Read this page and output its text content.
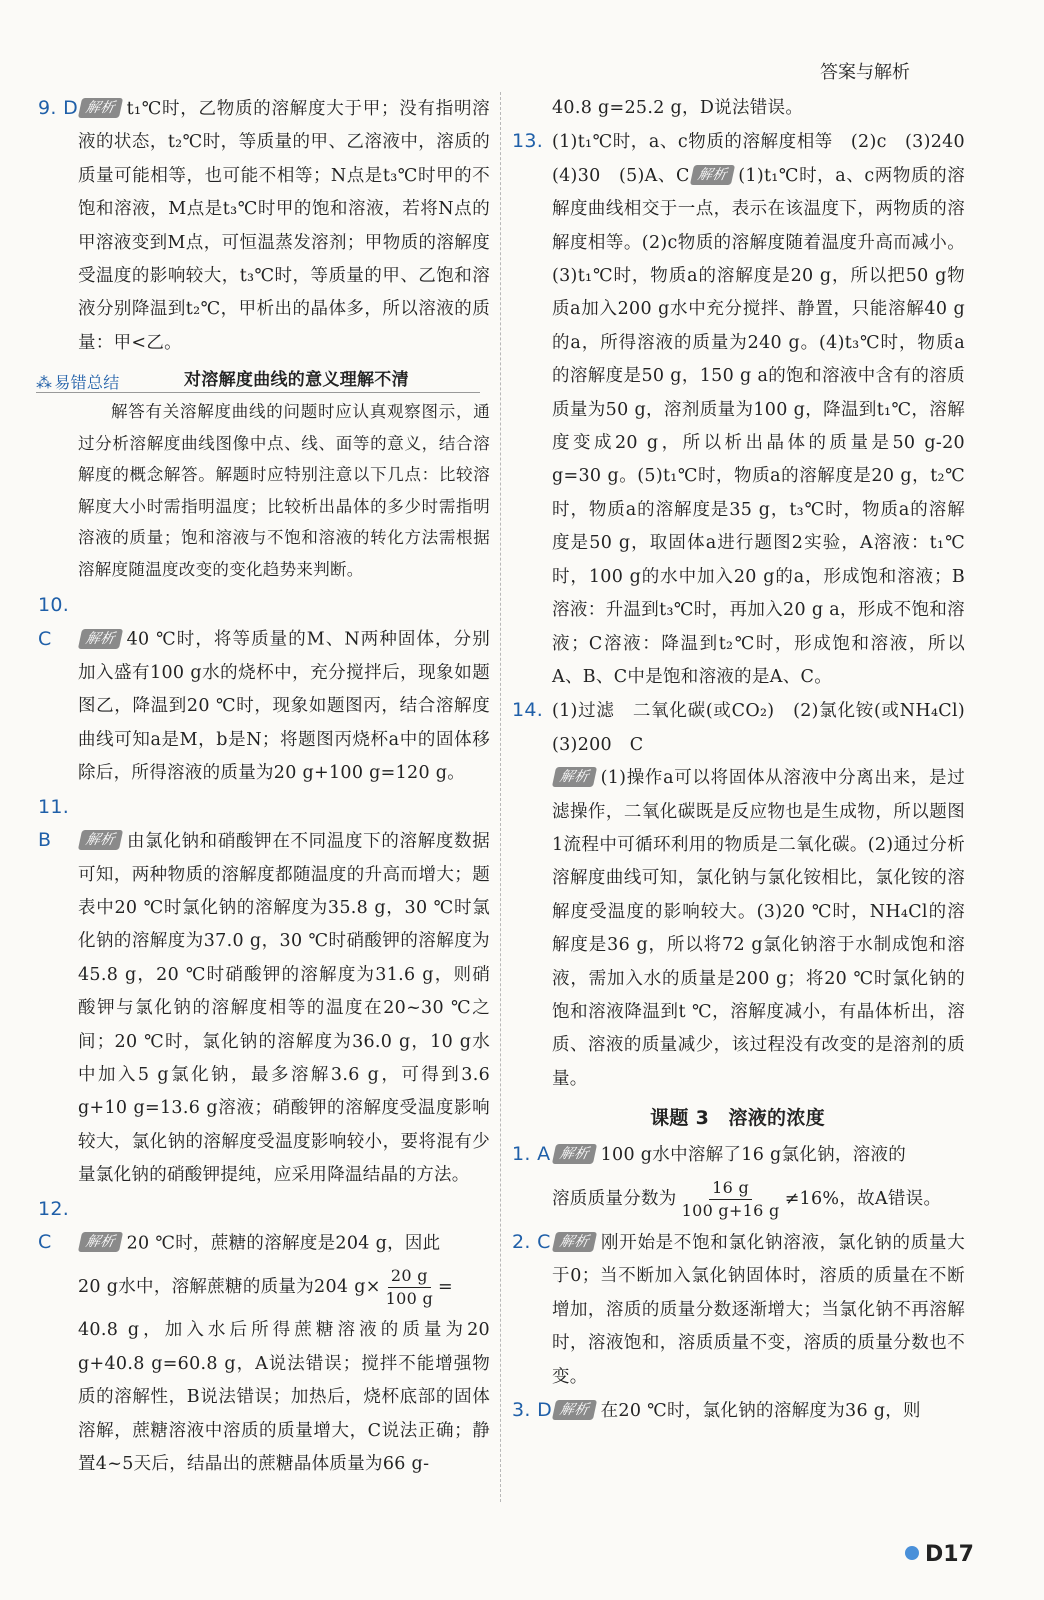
答案与解析

9. D 解析 t₁℃时，乙物质的溶解度大于甲；没有指明溶液的状态，t₂℃时，等质量的甲、乙溶液中，溶质的质量可能相等，也可能不相等；N点是t₃℃时甲的不饱和溶液，M点是t₃℃时甲的饱和溶液，若将N点的甲溶液变到M点，可恒温蒸发溶剂；甲物质的溶解度受温度的影响较大，t₃℃时，等质量的甲、乙饱和溶液分别降温到t₂℃，甲析出的晶体多，所以溶液的质量：甲<乙。

⁂ 易错总结	对溶解度曲线的意义理解不清
解答有关溶解度曲线的问题时应认真观察图示，通过分析溶解度曲线图像中点、线、面等的意义，结合溶解度的概念解答。解题时应特别注意以下几点：比较溶解度大小时需指明温度；比较析出晶体的多少时需指明溶液的质量；饱和溶液与不饱和溶液的转化方法需根据溶解度随温度改变的变化趋势来判断。

10. C 解析 40 ℃时，将等质量的M、N两种固体，分别加入盛有100 g水的烧杯中，充分搅拌后，现象如题图乙，降温到20 ℃时，现象如题图丙，结合溶解度曲线可知a是M，b是N；将题图丙烧杯a中的固体移除后，所得溶液的质量为20 g+100 g=120 g。

11. B 解析 由氯化钠和硝酸钾在不同温度下的溶解度数据可知，两种物质的溶解度都随温度的升高而增大；题表中20 ℃时氯化钠的溶解度为35.8 g，30 ℃时氯化钠的溶解度为37.0 g，30 ℃时硝酸钾的溶解度为45.8 g，20 ℃时硝酸钾的溶解度为31.6 g，则硝酸钾与氯化钠的溶解度相等的温度在20~30 ℃之间；20 ℃时，氯化钠的溶解度为36.0 g，10 g水中加入5 g氯化钠，最多溶解3.6 g，可得到3.6 g+10 g=13.6 g溶液；硝酸钾的溶解度受温度影响较大，氯化钠的溶解度受温度影响较小，要将混有少量氯化钠的硝酸钾提纯，应采用降温结晶的方法。

12. C 解析 20 ℃时，蔗糖的溶解度是204 g，因此
20 g水中，溶解蔗糖的质量为204 $g\times \frac{20 g}{100 g}$ =
40.8 g，加入水后所得蔗糖溶液的质量为20 g+40.8 g=60.8 g，A说法错误；搅拌不能增强物质的溶解性，B说法错误；加热后，烧杯底部的固体溶解，蔗糖溶液中溶质的质量增大，C说法正确；静置4~5天后，结晶出的蔗糖晶体质量为66 g-

40.8 g=25.2 g，D说法错误。

13. (1)t₁℃时，a、c物质的溶解度相等　(2)c　(3)240　(4)30　(5)A、C 解析 (1)t₁℃时，a、c两物质的溶解度曲线相交于一点，表示在该温度下，两物质的溶解度相等。(2)c物质的溶解度随着温度升高而减小。(3)t₁℃时，物质a的溶解度是20 g，所以把50 g物质a加入200 g水中充分搅拌、静置，只能溶解40 g的a，所得溶液的质量为240 g。(4)t₃℃时，物质a的溶解度是50 g，150 g a的饱和溶液中含有的溶质质量为50 g，溶剂质量为100 g，降温到t₁℃，溶解度变成20 g，所以析出晶体的质量是50 g-20 g=30 g。(5)t₁℃时，物质a的溶解度是20 g，t₂℃时，物质a的溶解度是35 g，t₃℃时，物质a的溶解度是50 g，取固体a进行题图2实验，A溶液：t₁℃时，100 g的水中加入20 g的a，形成饱和溶液；B溶液：升温到t₃℃时，再加入20 g a，形成不饱和溶液；C溶液：降温到t₂℃时，形成饱和溶液，所以A、B、C中是饱和溶液的是A、C。

14. (1)过滤　二氧化碳(或CO₂)　(2)氯化铵(或NH₄Cl)　(3)200　C
解析 (1)操作a可以将固体从溶液中分离出来，是过滤操作，二氧化碳既是反应物也是生成物，所以题图1流程中可循环利用的物质是二氧化碳。(2)通过分析溶解度曲线可知，氯化钠与氯化铵相比，氯化铵的溶解度受温度的影响较大。(3)20 ℃时，NH₄Cl的溶解度是36 g，所以将72 g氯化钠溶于水制成饱和溶液，需加入水的质量是200 g；将20 ℃时氯化钠的饱和溶液降温到t ℃，溶解度减小，有晶体析出，溶质、溶液的质量减少，该过程没有改变的是溶剂的质量。

课题 3　溶液的浓度

1. A 解析 100 g水中溶解了16 g氯化钠，溶液的
溶质质量分数为 $\frac{16 g}{100 g+16 g} \ne 16\%$，故A错误。

2. C 解析 刚开始是不饱和氯化钠溶液，氯化钠的质量大于0；当不断加入氯化钠固体时，溶质的质量在不断增加，溶质的质量分数逐渐增大；当氯化钠不再溶解时，溶液饱和，溶质质量不变，溶质的质量分数也不变。

3. D 解析 在20 ℃时，氯化钠的溶解度为36 g，则

D17
